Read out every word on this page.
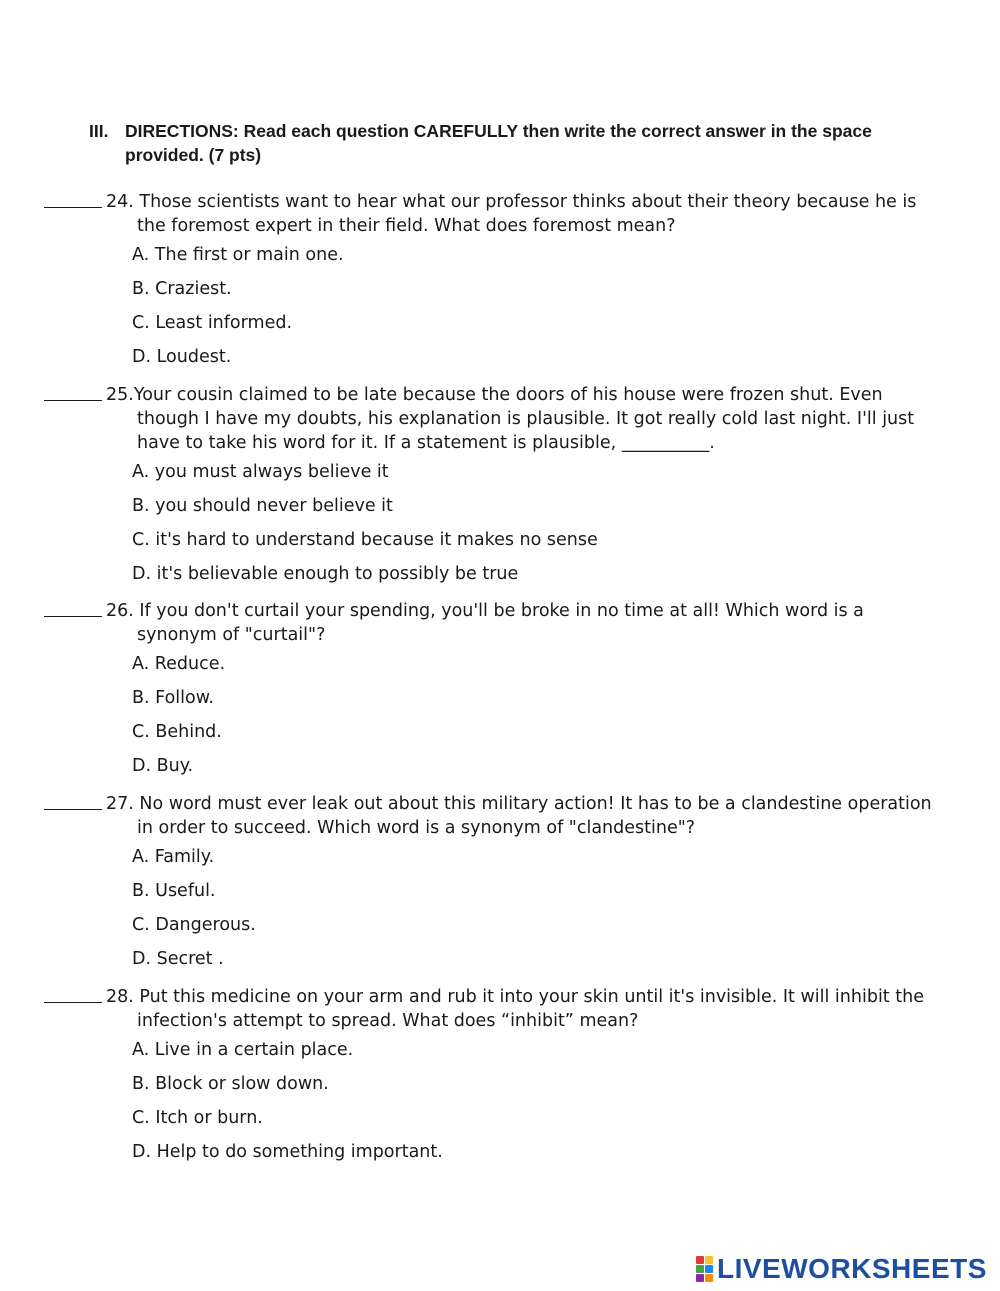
III. DIRECTIONS: Read each question CAREFULLY then write the correct answer in the space provided. (7 pts)
24. Those scientists want to hear what our professor thinks about their theory because he is the foremost expert in their field. What does foremost mean?
A. The first or main one.
B. Craziest.
C. Least informed.
D. Loudest.
25.Your cousin claimed to be late because the doors of his house were frozen shut. Even though I have my doubts, his explanation is plausible. It got really cold last night. I'll just have to take his word for it. If a statement is plausible, __________.
A. you must always believe it
B. you should never believe it
C. it's hard to understand because it makes no sense
D. it's believable enough to possibly be true
26. If you don't curtail your spending, you'll be broke in no time at all! Which word is a synonym of "curtail"?
A. Reduce.
B. Follow.
C. Behind.
D. Buy.
27. No word must ever leak out about this military action! It has to be a clandestine operation in order to succeed. Which word is a synonym of "clandestine"?
A. Family.
B. Useful.
C. Dangerous.
D. Secret .
28. Put this medicine on your arm and rub it into your skin until it's invisible. It will inhibit the infection's attempt to spread. What does “inhibit” mean?
A. Live in a certain place.
B. Block or slow down.
C. Itch or burn.
D. Help to do something important.
LIVEWORKSHEETS
